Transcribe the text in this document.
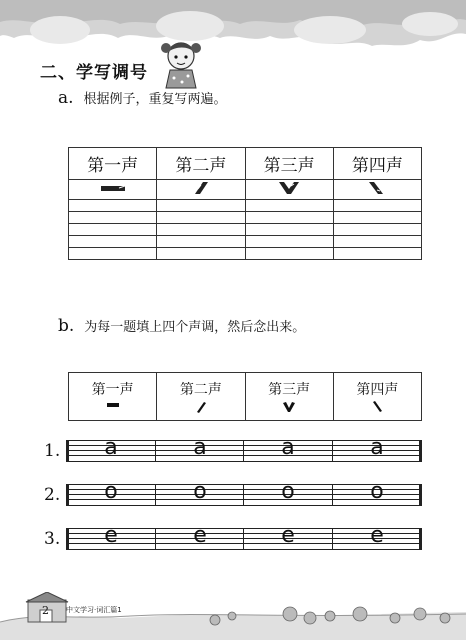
二、学写调号
a. 根据例子，重复写两遍。
第一声	第二声	第三声	第四声

b. 为每一题填上四个声调，然后念出来。
第一声	第二声	第三声	第四声
1.	a	a	a	a
2.	o	o	o	o
3.	e	e	e	e
2 中文学习·词汇篇1
